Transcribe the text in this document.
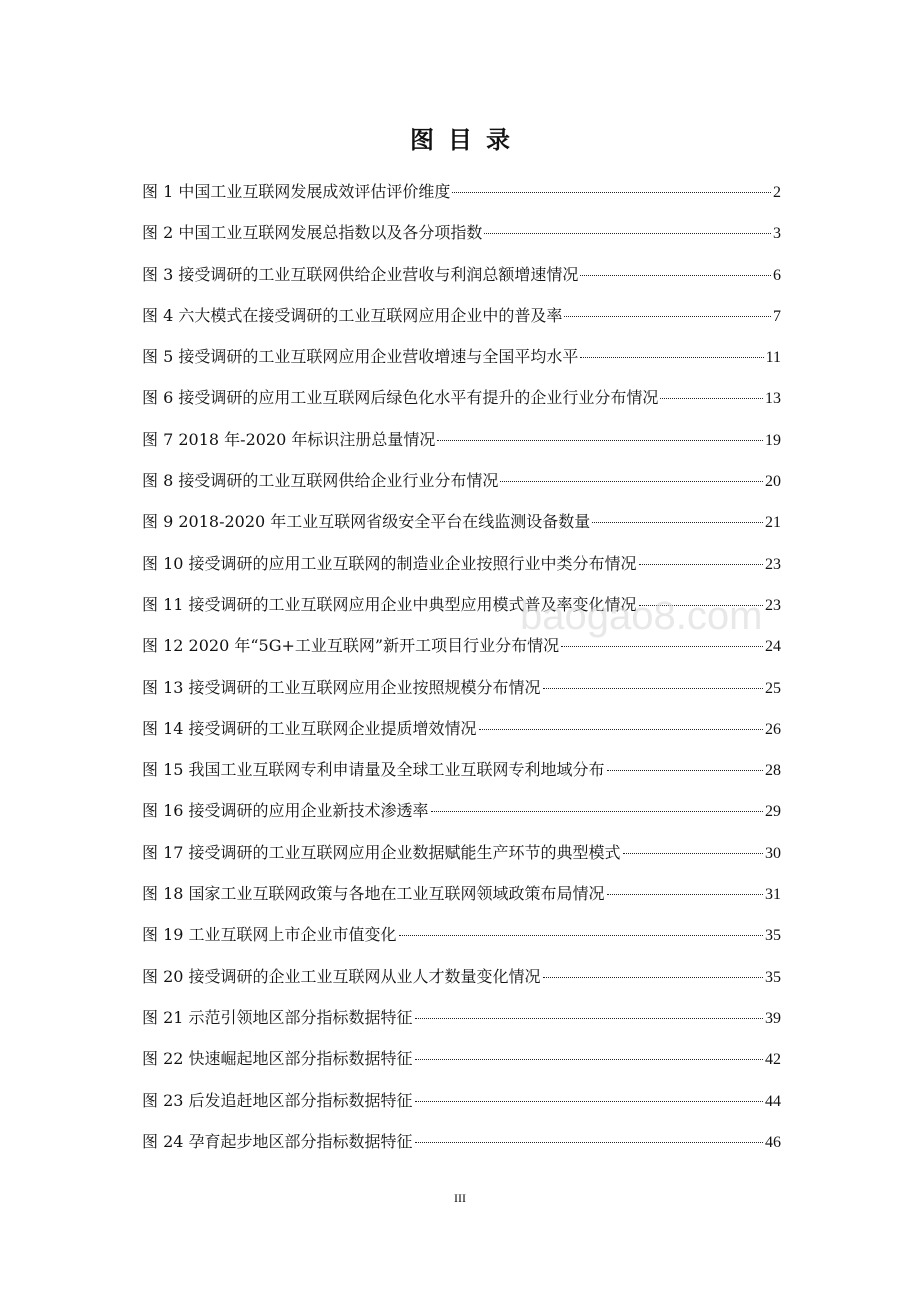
图目录
图 1 中国工业互联网发展成效评估评价维度	2
图 2 中国工业互联网发展总指数以及各分项指数	3
图 3 接受调研的工业互联网供给企业营收与利润总额增速情况	6
图 4 六大模式在接受调研的工业互联网应用企业中的普及率	7
图 5 接受调研的工业互联网应用企业营收增速与全国平均水平	11
图 6 接受调研的应用工业互联网后绿色化水平有提升的企业行业分布情况	13
图 7 2018 年-2020 年标识注册总量情况	19
图 8 接受调研的工业互联网供给企业行业分布情况	20
图 9 2018-2020 年工业互联网省级安全平台在线监测设备数量	21
图 10 接受调研的应用工业互联网的制造业企业按照行业中类分布情况	23
图 11 接受调研的工业互联网应用企业中典型应用模式普及率变化情况	23
图 12 2020 年“5G+工业互联网”新开工项目行业分布情况	24
图 13 接受调研的工业互联网应用企业按照规模分布情况	25
图 14 接受调研的工业互联网企业提质增效情况	26
图 15 我国工业互联网专利申请量及全球工业互联网专利地域分布	28
图 16 接受调研的应用企业新技术渗透率	29
图 17 接受调研的工业互联网应用企业数据赋能生产环节的典型模式	30
图 18 国家工业互联网政策与各地在工业互联网领域政策布局情况	31
图 19 工业互联网上市企业市值变化	35
图 20 接受调研的企业工业互联网从业人才数量变化情况	35
图 21 示范引领地区部分指标数据特征	39
图 22 快速崛起地区部分指标数据特征	42
图 23 后发追赶地区部分指标数据特征	44
图 24 孕育起步地区部分指标数据特征	46
baogao8.com
III
